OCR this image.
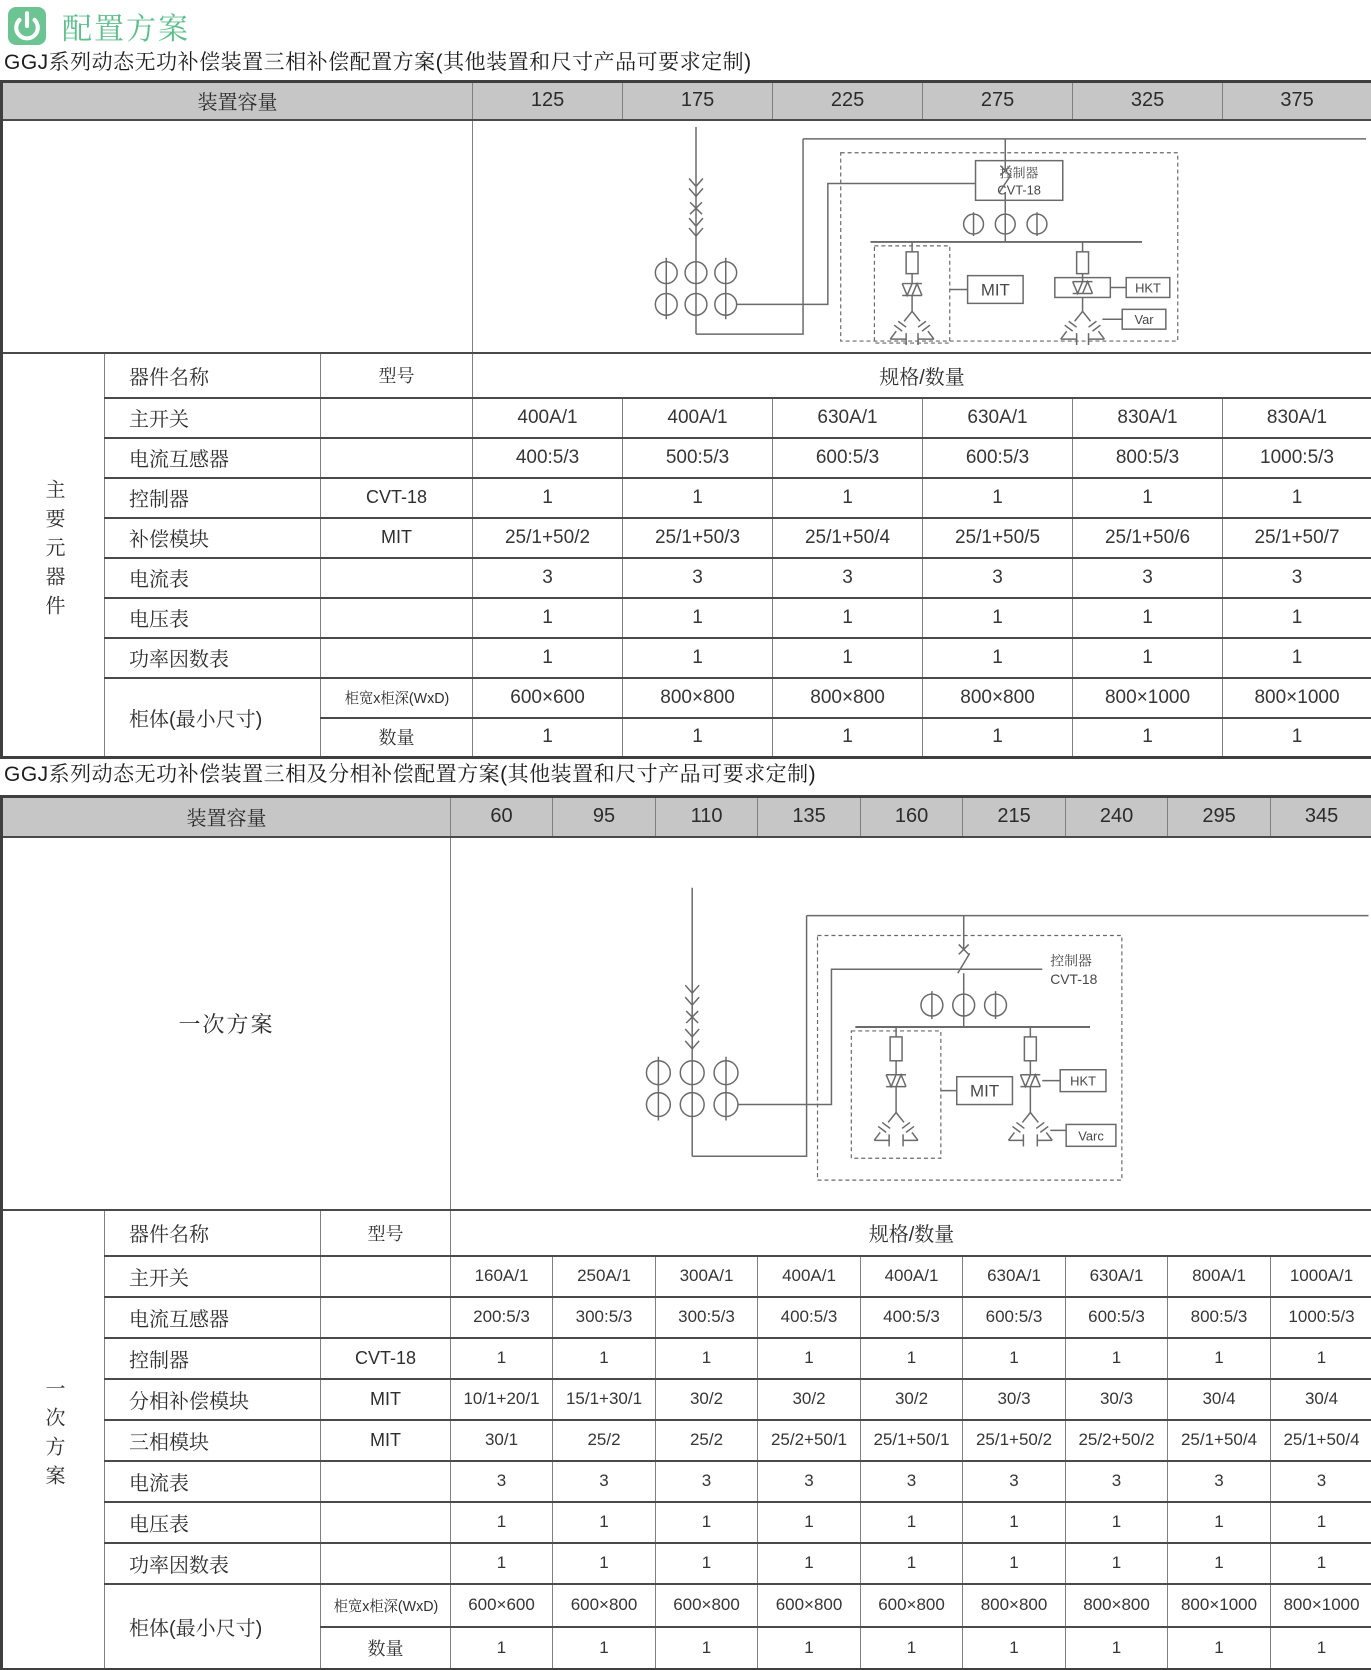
配置方案
GGJ系列动态无功补偿装置三相补偿配置方案(其他装置和尺寸产品可要求定制)
装置容量			125	175	225	275	325	375

控制器
CVT-18
MIT HKT
Var					

主要元器件	器件名称	型号	规格/数量					
	主开关		400A/1	400A/1	630A/1	630A/1	830A/1	830A/1
	电流互感器		400:5/3	500:5/3	600:5/3	600:5/3	800:5/3	1000:5/3
	控制器	CVT-18	1	1	1	1	1	1
	补偿模块	MIT	25/1+50/2	25/1+50/3	25/1+50/4	25/1+50/5	25/1+50/6	25/1+50/7
	电流表		3	3	3	3	3	3
	电压表		1	1	1	1	1	1
	功率因数表		1	1	1	1	1	1
	柜体(最小尺寸)	柜宽x柜深(WxD)	600×600	800×800	800×800	800×800	800×1000	800×1000
		数量	1	1	1	1	1	1
GGJ系列动态无功补偿装置三相及分相补偿配置方案(其他装置和尺寸产品可要求定制)
装置容量			60	95	110	135	160	215	240	295	345
一次方案			控制器
CVT-18
MIT
HKT
Varc								

一次方案	器件名称	型号	规格/数量								
	主开关		160A/1	250A/1	300A/1	400A/1	400A/1	630A/1	630A/1	800A/1	1000A/1
	电流互感器		200:5/3	300:5/3	300:5/3	400:5/3	400:5/3	600:5/3	600:5/3	800:5/3	1000:5/3
	控制器	CVT-18	1	1	1	1	1	1	1	1	1
	分相补偿模块	MIT	10/1+20/1	15/1+30/1	30/2	30/2	30/2	30/3	30/3	30/4	30/4
	三相模块	MIT	30/1	25/2	25/2	25/2+50/1	25/1+50/1	25/1+50/2	25/2+50/2	25/1+50/4	25/1+50/4
	电流表		3	3	3	3	3	3	3	3	3
	电压表		1	1	1	1	1	1	1	1	1
	功率因数表		1	1	1	1	1	1	1	1	1
	柜体(最小尺寸)	柜宽x柜深(WxD)	600×600	600×800	600×800	600×800	600×800	800×800	800×800	800×1000	800×1000
		数量	1	1	1	1	1	1	1	1	1
